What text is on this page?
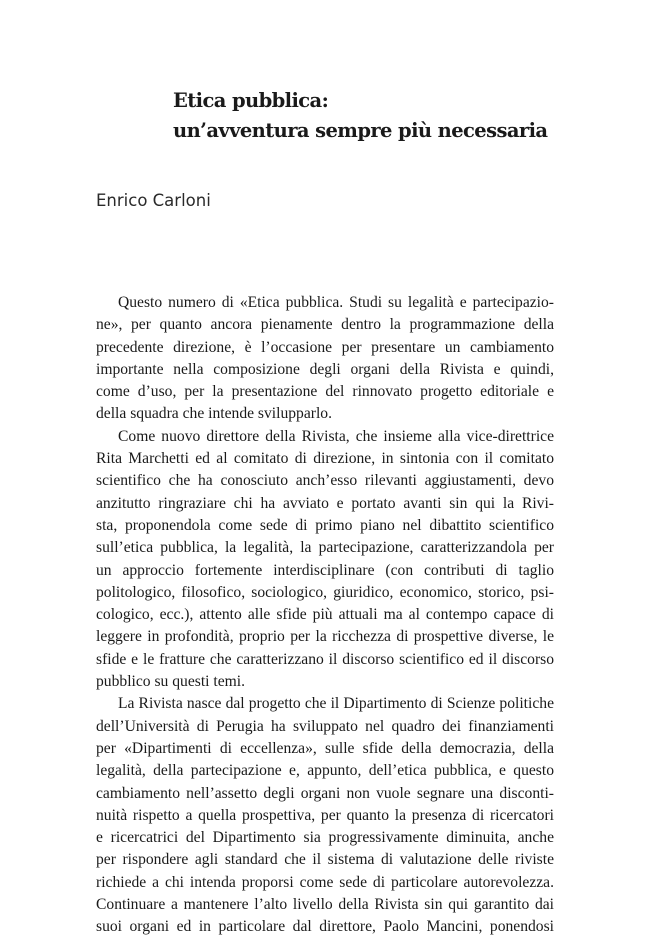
Etica pubblica:
un’avventura sempre più necessaria

Enrico Carloni

Questo numero di «Etica pubblica. Studi su legalità e partecipazio-
ne», per quanto ancora pienamente dentro la programmazione della
precedente direzione, è l’occasione per presentare un cambiamento
importante nella composizione degli organi della Rivista e quindi,
come d’uso, per la presentazione del rinnovato progetto editoriale e
della squadra che intende svilupparlo.
Come nuovo direttore della Rivista, che insieme alla vice-direttrice
Rita Marchetti ed al comitato di direzione, in sintonia con il comitato
scientifico che ha conosciuto anch’esso rilevanti aggiustamenti, devo
anzitutto ringraziare chi ha avviato e portato avanti sin qui la Rivi-
sta, proponendola come sede di primo piano nel dibattito scientifico
sull’etica pubblica, la legalità, la partecipazione, caratterizzandola per
un approccio fortemente interdisciplinare (con contributi di taglio
politologico, filosofico, sociologico, giuridico, economico, storico, psi-
cologico, ecc.), attento alle sfide più attuali ma al contempo capace di
leggere in profondità, proprio per la ricchezza di prospettive diverse, le
sfide e le fratture che caratterizzano il discorso scientifico ed il discorso
pubblico su questi temi.
La Rivista nasce dal progetto che il Dipartimento di Scienze politiche
dell’Università di Perugia ha sviluppato nel quadro dei finanziamenti
per «Dipartimenti di eccellenza», sulle sfide della democrazia, della
legalità, della partecipazione e, appunto, dell’etica pubblica, e questo
cambiamento nell’assetto degli organi non vuole segnare una disconti-
nuità rispetto a quella prospettiva, per quanto la presenza di ricercatori
e ricercatrici del Dipartimento sia progressivamente diminuita, anche
per rispondere agli standard che il sistema di valutazione delle riviste
richiede a chi intenda proporsi come sede di particolare autorevolezza.
Continuare a mantenere l’alto livello della Rivista sin qui garantito dai
suoi organi ed in particolare dal direttore, Paolo Mancini, ponendosi
